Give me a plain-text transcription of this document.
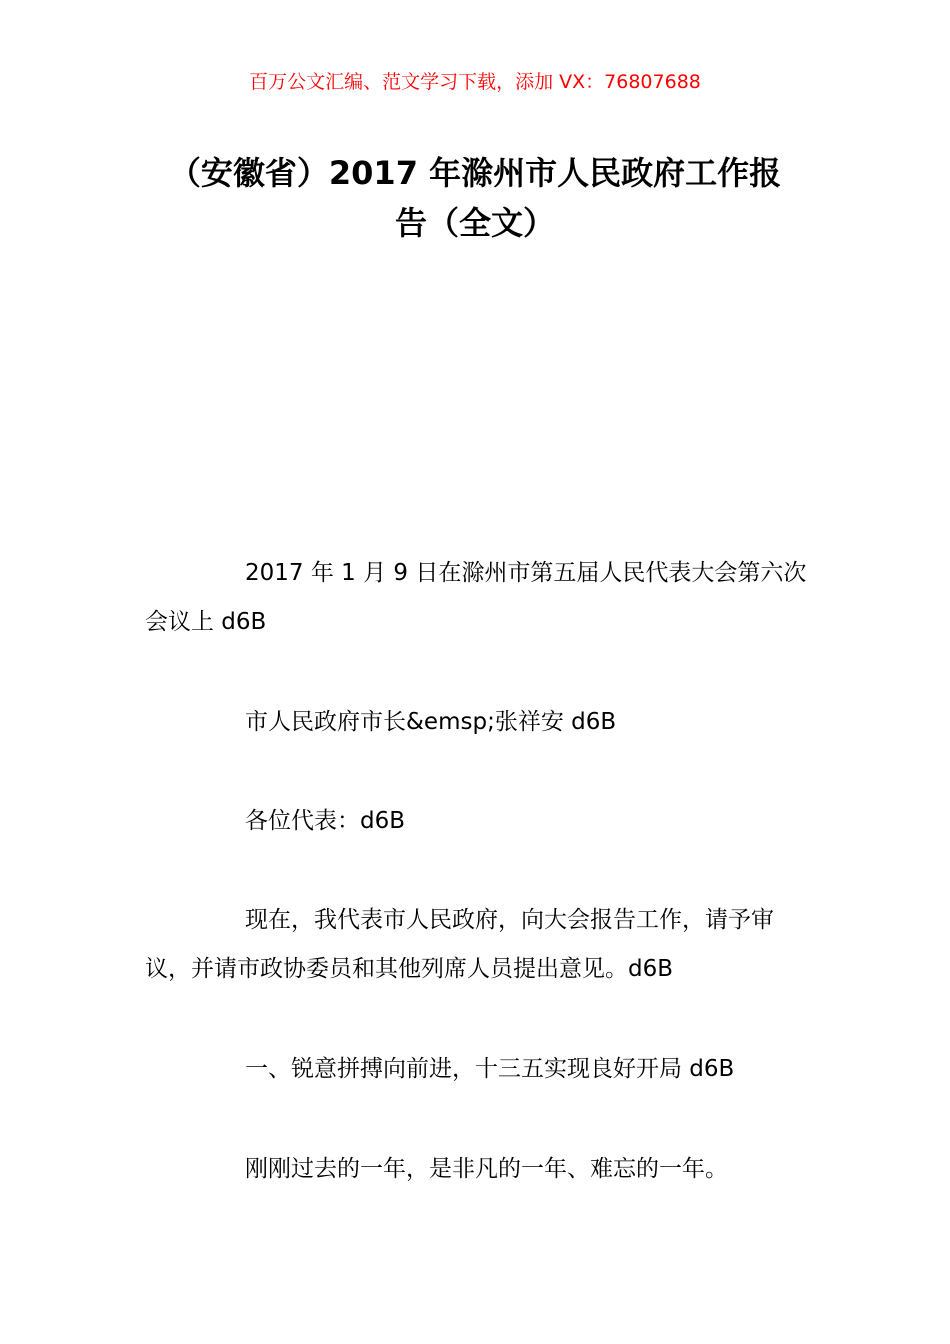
百万公文汇编、范文学习下载，添加 VX：76807688
（安徽省）2017 年滁州市人民政府工作报
告（全文）

2017 年 1 月 9 日在滁州市第五届人民代表大会第六次会议上 d6B

市人民政府市长&emsp;张祥安 d6B

各位代表：d6B

现在，我代表市人民政府，向大会报告工作，请予审议，并请市政协委员和其他列席人员提出意见。d6B

一、锐意拼搏向前进，十三五实现良好开局 d6B

刚刚过去的一年，是非凡的一年、难忘的一年。
